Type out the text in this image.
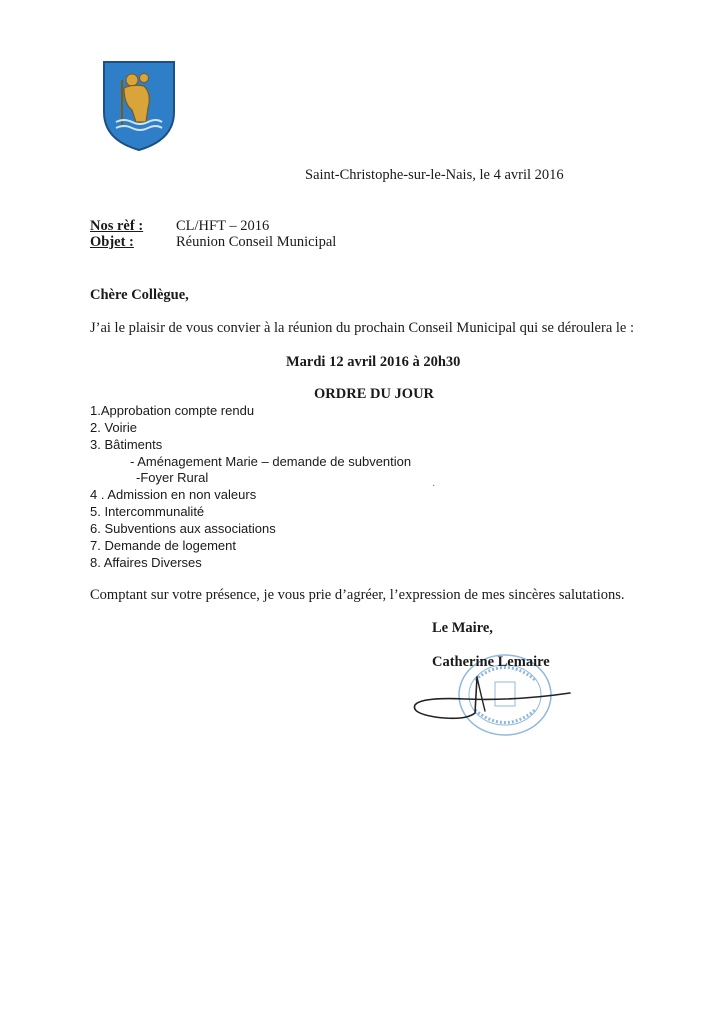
Saint-Christophe-sur-le-Nais, le 4 avril 2016
Nos rèf : CL/HFT – 2016
Objet :	Réunion Conseil Municipal
Chère Collègue,
J’ai le plaisir de vous convier à la réunion du prochain Conseil Municipal qui se déroulera le :
Mardi 12 avril 2016 à 20h30
ORDRE DU JOUR
1.Approbation compte rendu
2. Voirie
3. Bâtiments
- Aménagement Marie – demande de subvention
-Foyer Rural
4 . Admission en non valeurs
5. Intercommunalité
6. Subventions aux associations
7. Demande de logement
8. Affaires Diverses
·
Comptant sur votre présence, je vous prie d’agréer, l’expression de mes sincères salutations.
Le Maire,
Catherine Lemaire
